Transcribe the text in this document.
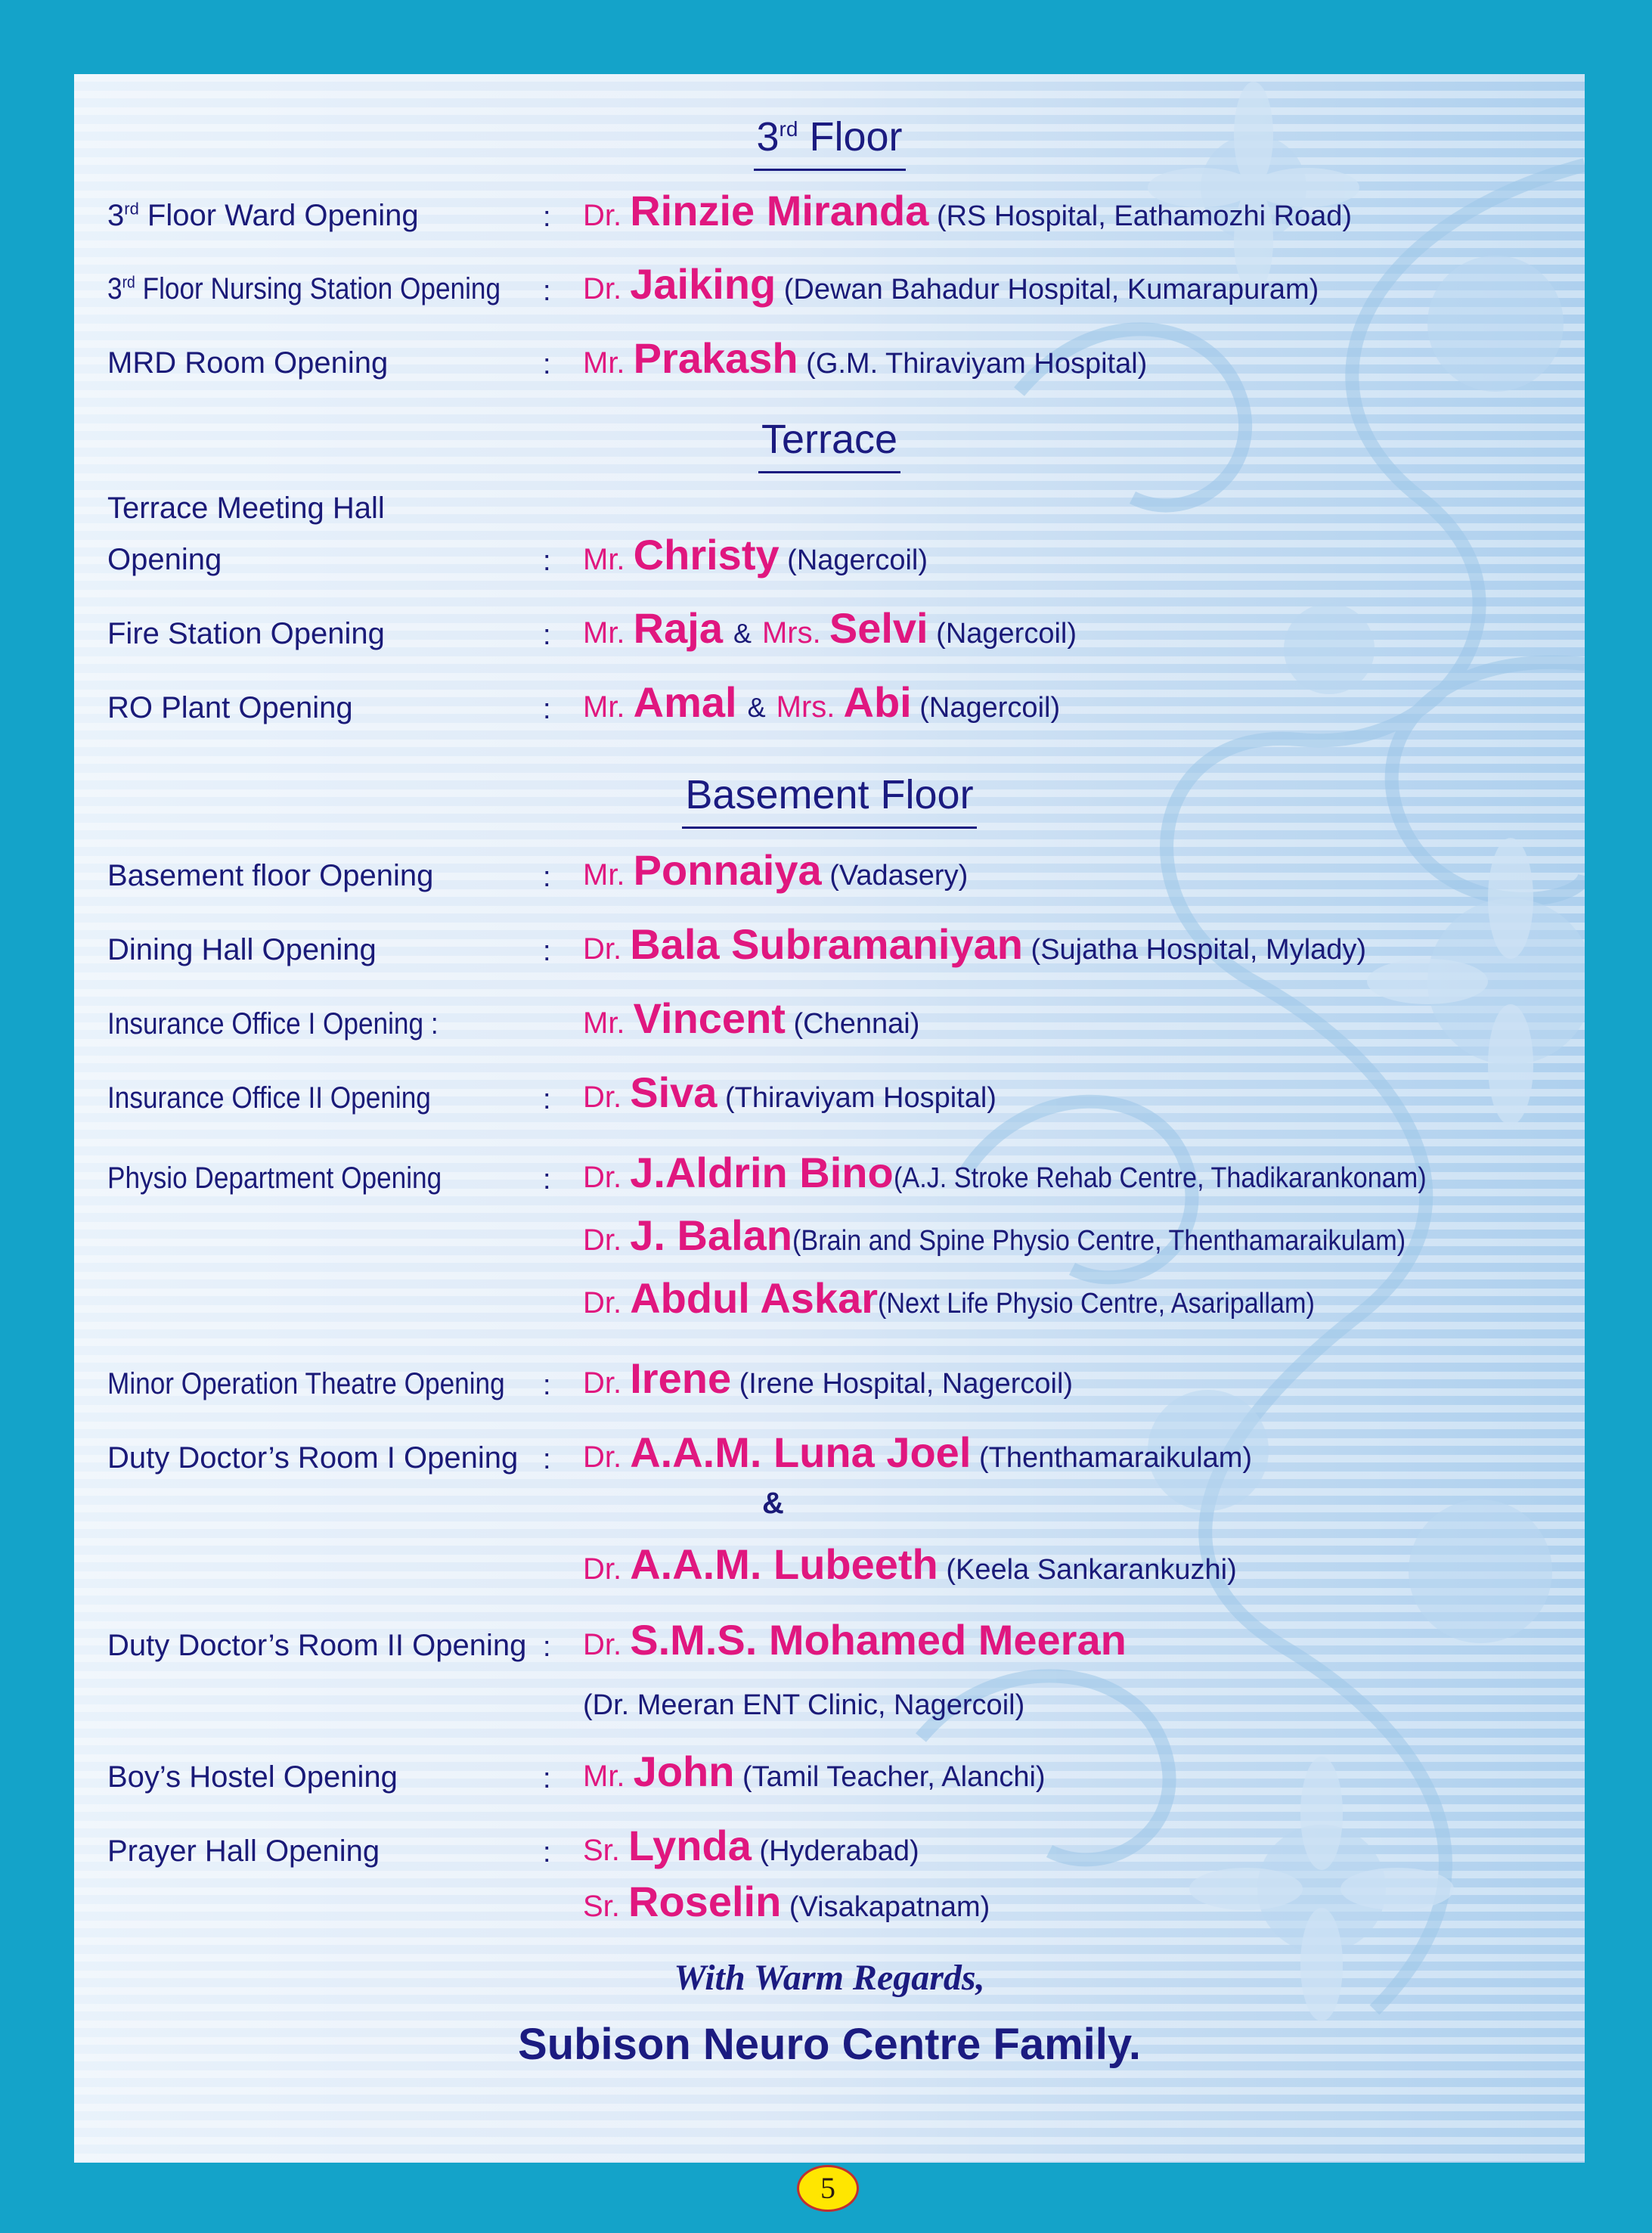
3rd Floor
3rd Floor Ward Opening	: Dr. Rinzie Miranda (RS Hospital, Eathamozhi Road)
3rd Floor Nursing Station Opening : Dr. Jaiking (Dewan Bahadur Hospital, Kumarapuram)
MRD Room Opening	: Mr. Prakash (G.M. Thiraviyam Hospital)
Terrace
Terrace Meeting Hall
Opening	: Mr. Christy (Nagercoil)
Fire Station Opening	: Mr. Raja & Mrs. Selvi (Nagercoil)
RO Plant Opening	: Mr. Amal & Mrs. Abi (Nagercoil)
Basement Floor
Basement floor Opening	: Mr. Ponnaiya (Vadasery)
Dining Hall Opening	: Dr. Bala Subramaniyan (Sujatha Hospital, Mylady)
Insurance Office I Opening :	Mr. Vincent (Chennai)
Insurance Office II Opening	: Dr. Siva (Thiraviyam Hospital)
Physio Department Opening	: Dr. J.Aldrin Bino(A.J. Stroke Rehab Centre, Thadikarankonam)
Dr. J. Balan(Brain and Spine Physio Centre, Thenthamaraikulam)
Dr. Abdul Askar(Next Life Physio Centre, Asaripallam)
Minor Operation Theatre Opening : Dr. Irene (Irene Hospital, Nagercoil)
Duty Doctor’s Room I Opening : Dr. A.A.M. Luna Joel (Thenthamaraikulam)
&
Dr. A.A.M. Lubeeth (Keela Sankarankuzhi)
Duty Doctor’s Room II Opening : Dr. S.M.S. Mohamed Meeran
(Dr. Meeran ENT Clinic, Nagercoil)
Boy’s Hostel Opening	: Mr. John (Tamil Teacher, Alanchi)
Prayer Hall Opening	: Sr. Lynda (Hyderabad)
Sr. Roselin (Visakapatnam)
With Warm Regards,
Subison Neuro Centre Family.
5
